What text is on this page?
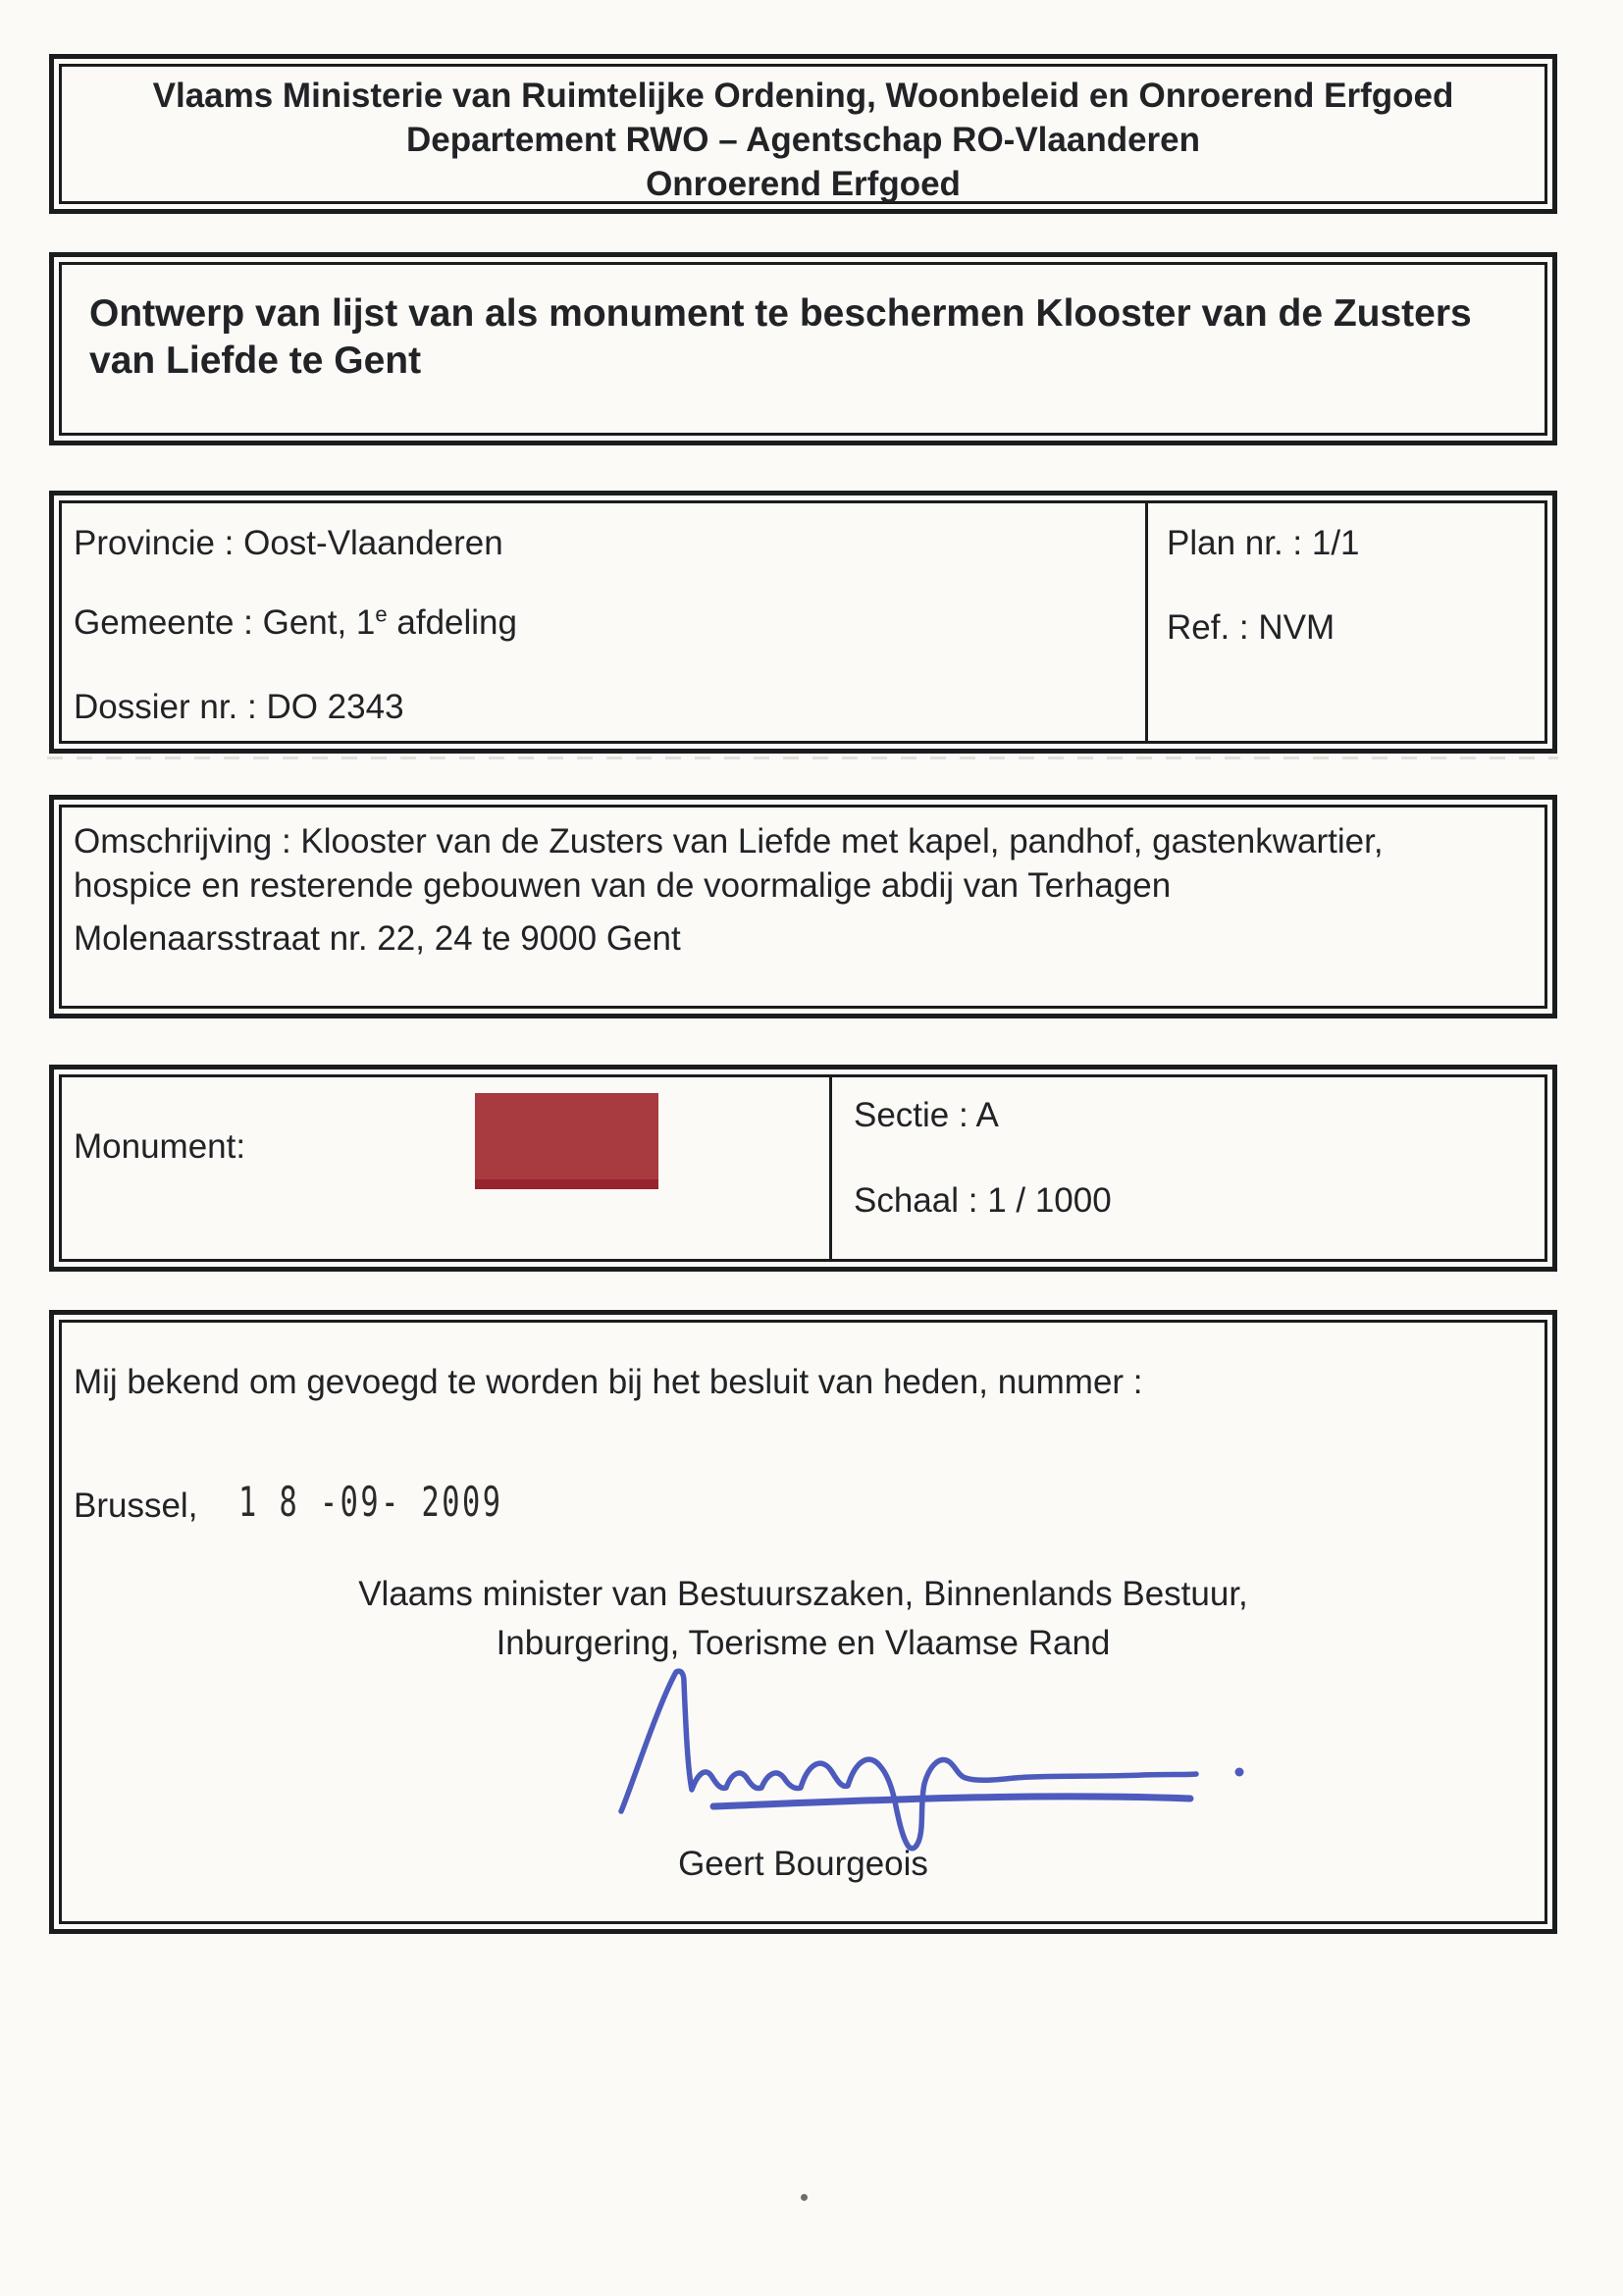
Vlaams Ministerie van Ruimtelijke Ordening, Woonbeleid en Onroerend Erfgoed
Departement RWO – Agentschap RO-Vlaanderen
Onroerend Erfgoed
Ontwerp van lijst van als monument te beschermen Klooster van de Zusters
van Liefde te Gent
Provincie : Oost-Vlaanderen
Gemeente : Gent, 1e afdeling
Dossier nr. : DO 2343
Plan nr. : 1/1
Ref. : NVM
Omschrijving : Klooster van de Zusters van Liefde met kapel, pandhof, gastenkwartier,
hospice en resterende gebouwen van de voormalige abdij van Terhagen
Molenaarsstraat nr. 22, 24 te 9000 Gent
Monument:
Sectie : A
Schaal : 1 / 1000
Mij bekend om gevoegd te worden bij het besluit van heden, nummer :
Brussel, 1 8 -09- 2009
Vlaams minister van Bestuurszaken, Binnenlands Bestuur,
Inburgering, Toerisme en Vlaamse Rand
Geert Bourgeois
